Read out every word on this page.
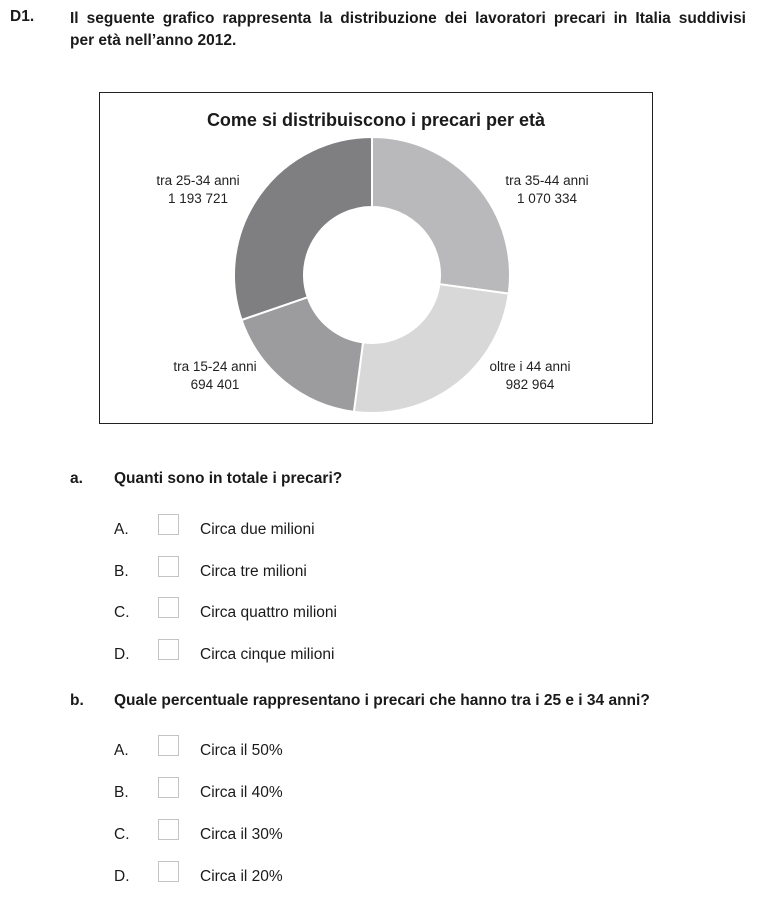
D1. Il seguente grafico rappresenta la distribuzione dei lavoratori precari in Italia suddivisi

per età nell’anno 2012.

Come si distribuiscono i precari per età
tra 35-44 anni
1 070 334
oltre i 44 anni
982 964
tra 15-24 anni
694 401
tra 25-34 anni
1 193 721
a. Quanti sono in totale i precari?
A.	Circa due milioni
B.	Circa tre milioni
C.	Circa quattro milioni
D.	Circa cinque milioni
b. Quale percentuale rappresentano i precari che hanno tra i 25 e i 34 anni?
A.	Circa il 50%
B.	Circa il 40%
C.	Circa il 30%
D.	Circa il 20%
